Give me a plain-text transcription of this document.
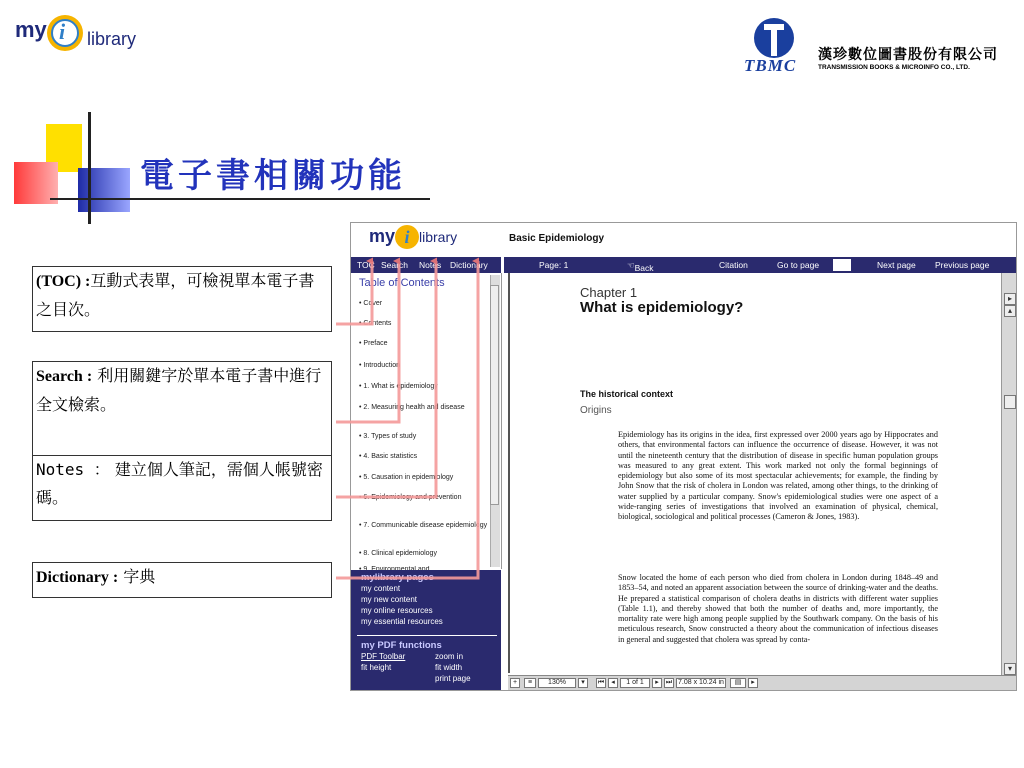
my i library
TBMC
漢珍數位圖書股份有限公司
TRANSMISSION BOOKS & MICROINFO CO., LTD.
電子書相關功能
(TOC) :互動式表單，可檢視單本電子書之目次。
Search : 利用關鍵字於單本電子書中進行全文檢索。
Notes ： 建立個人筆記，需個人帳號密碼。
Dictionary : 字典
my i library	Basic Epidemiology
TOC Search Notes Dictionary	Page: 1	☜ Back	Citation	Go to page	Next page Previous page
Table of Contents
• Cover
• Contents
• Preface
• Introduction
• 1. What is epidemiology
• 2. Measuring health and disease
• 3. Types of study
• 4. Basic statistics
• 5. Causation in epidemiology
• 6. Epidemiology and prevention
• 7. Communicable disease epidemiology
• 8. Clinical epidemiology
• 9. Environmental and
mylibrary pages
my content
my new content
my online resources
my essential resources
my PDF functions
PDF Toolbar
fit height
zoom in
fit width
print page
Chapter 1
What is epidemiology?
The historical context
Origins
Epidemiology has its origins in the idea, first expressed over 2000 years ago by Hippocrates and others, that environmental factors can influence the occurrence of disease. However, it was not until the nineteenth century that the distribution of disease in specific human population groups was measured to any great extent. This work marked not only the formal beginnings of epidemiology but also some of its most spectacular achievements; for example, the finding by John Snow that the risk of cholera in London was related, among other things, to the drinking of water supplied by a particular company. Snow's epidemiological studies were one aspect of a wide-ranging series of investigations that involved an examination of physical, chemical, biological, sociological and political processes (Cameron & Jones, 1983).
Snow located the home of each person who died from cholera in London during 1848–49 and 1853–54, and noted an apparent association between the source of drinking-water and the deaths. He prepared a statistical comparison of cholera deaths in districts with different water supplies (Table 1.1), and thereby showed that both the number of deaths and, more importantly, the mortality rate were high among people supplied by the Southwark company. On the basis of his meticulous research, Snow constructed a theory about the communication of infectious diseases in general and suggested that cholera was spread by conta-
▸
▴
▾
+	≡	130%	▾	⏮	◂	1 of 1	▸	⏭ 7.08 x 10.24 in	▤	▸
